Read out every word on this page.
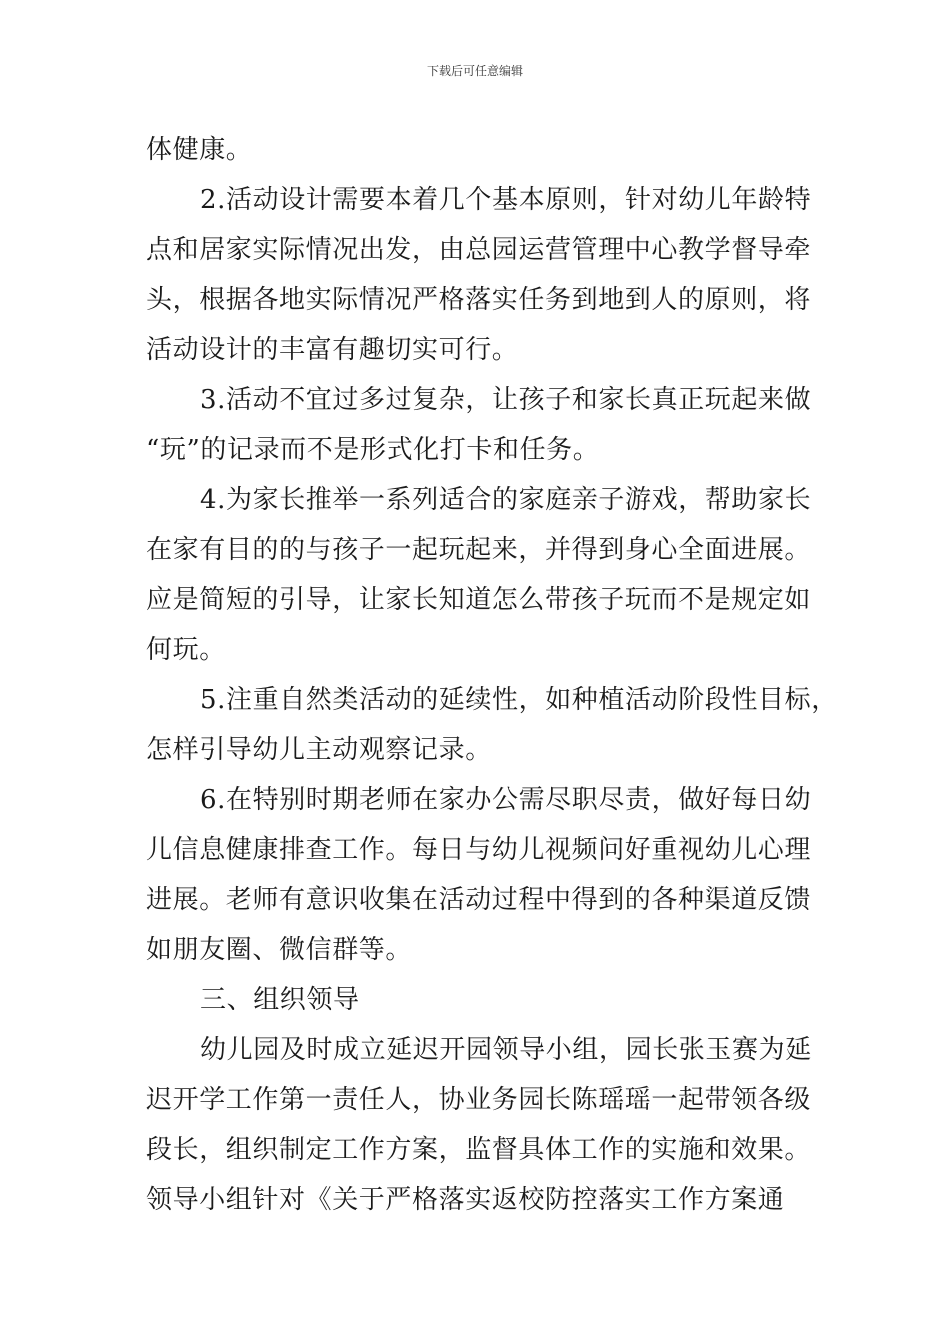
下载后可任意编辑
体健康。
2.活动设计需要本着几个基本原则，针对幼儿年龄特
点和居家实际情况出发，由总园运营管理中心教学督导牵
头，根据各地实际情况严格落实任务到地到人的原则，将
活动设计的丰富有趣切实可行。
3.活动不宜过多过复杂，让孩子和家长真正玩起来做
“玩”的记录而不是形式化打卡和任务。
4.为家长推举一系列适合的家庭亲子游戏，帮助家长
在家有目的的与孩子一起玩起来，并得到身心全面进展。
应是简短的引导，让家长知道怎么带孩子玩而不是规定如
何玩。
5.注重自然类活动的延续性，如种植活动阶段性目标，
怎样引导幼儿主动观察记录。
6.在特别时期老师在家办公需尽职尽责，做好每日幼
儿信息健康排查工作。每日与幼儿视频问好重视幼儿心理
进展。老师有意识收集在活动过程中得到的各种渠道反馈
如朋友圈、微信群等。
三、组织领导
幼儿园及时成立延迟开园领导小组，园长张玉赛为延
迟开学工作第一责任人，协业务园长陈瑶瑶一起带领各级
段长，组织制定工作方案，监督具体工作的实施和效果。
领导小组针对《关于严格落实返校防控落实工作方案通
